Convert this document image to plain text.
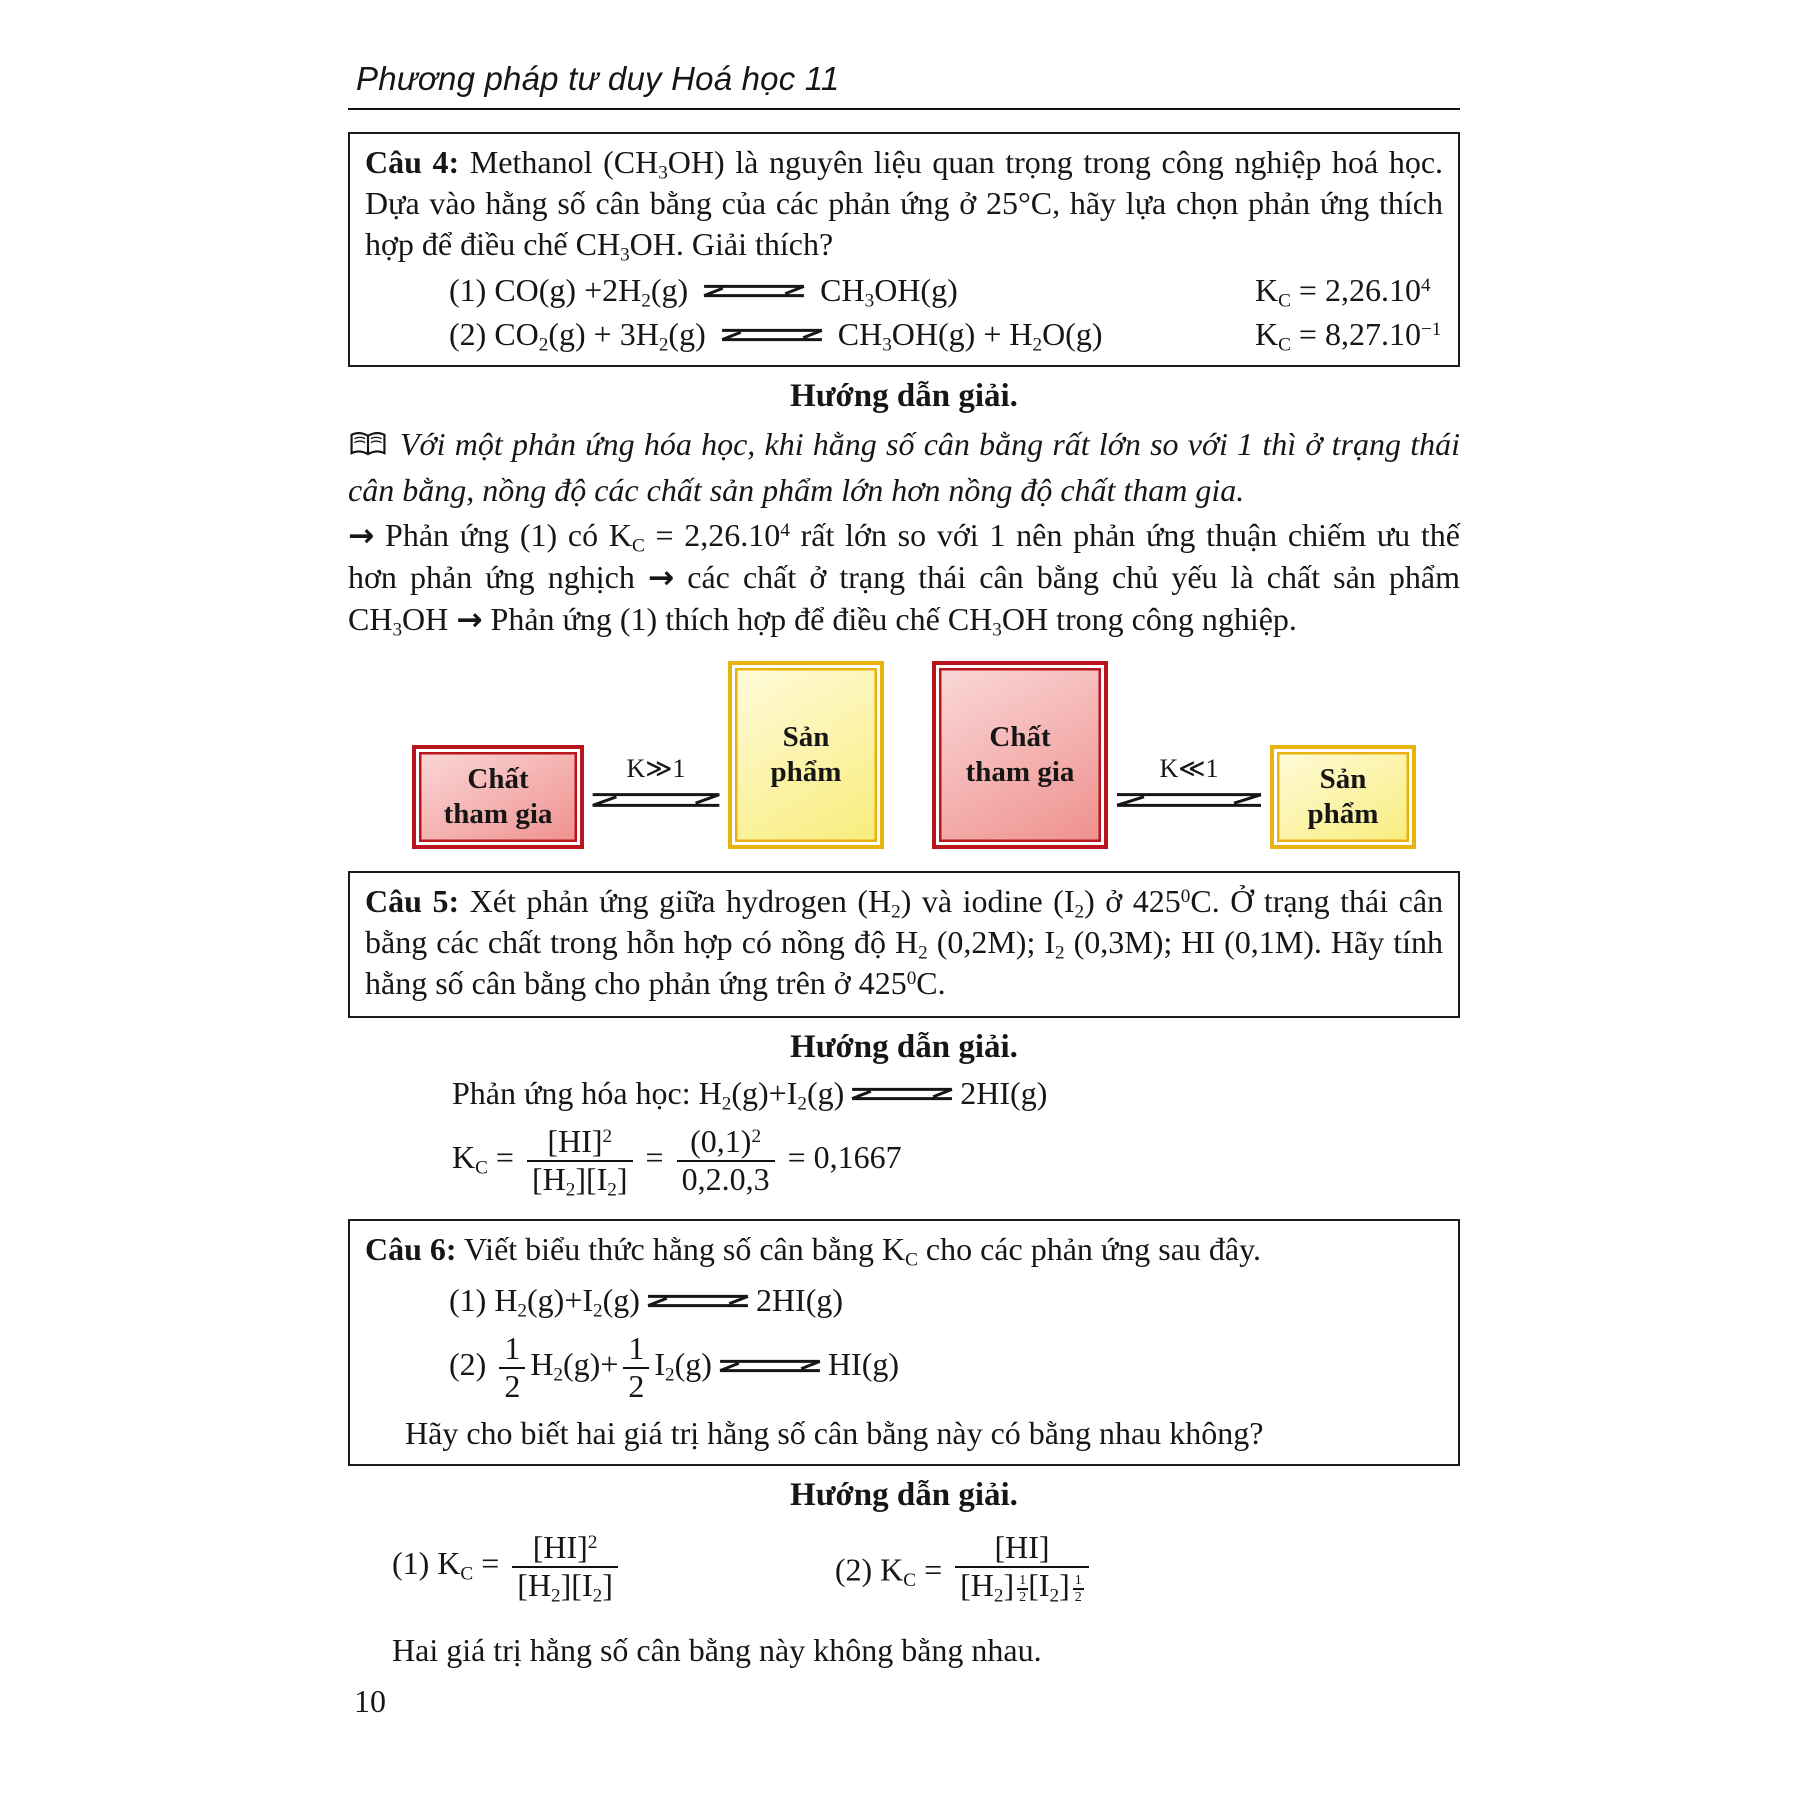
Phương pháp tư duy Hoá học 11

Câu 4: Methanol $(CH_3OH)$ là nguyên liệu quan trọng trong công nghiệp hoá học. Dựa vào hằng số cân bằng của các phản ứng ở 25°C, hãy lựa chọn phản ứng thích hợp để điều chế $CH_3OH$. Giải thích?

(1) $CO(g) +2H_2(g)$ ⇌ $CH_3OH(g)$	$K_C = 2,26.10^4$
(2) $CO_2(g) + 3H_2(g)$ ⇌ $CH_3OH(g) + H_2O(g)$	$K_C = 8,27.10^{-1}$
Hướng dẫn giải.

Với một phản ứng hóa học, khi hằng số cân bằng rất lớn so với 1 thì ở trạng thái cân bằng, nồng độ các chất sản phẩm lớn hơn nồng độ chất tham gia.

→ Phản ứng (1) có $K_C = 2,26.10^4$ rất lớn so với 1 nên phản ứng thuận chiếm ưu thế hơn phản ứng nghịch → các chất ở trạng thái cân bằng chủ yếu là chất sản phẩm $CH_3OH$ → Phản ứng (1) thích hợp để điều chế $CH_3OH$ trong công nghiệp.

Chất
tham gia
K≫1
Sản
phẩm
Chất
tham gia	K≪1	Sản
phẩm

Câu 5: Xét phản ứng giữa hydrogen $(H_2)$ và iodine $(I_2)$ ở $425^0C$. Ở trạng thái cân bằng các chất trong hỗn hợp có nồng độ $H_2$ (0,2M); $I_2$ (0,3M); HI (0,1M). Hãy tính hằng số cân bằng cho phản ứng trên ở $425^0C$.

Hướng dẫn giải.

Phản ứng hóa học: $H_2(g)+I_2(g)$ ⇌ 2HI(g)

$K_C = \frac{[HI]^2}{[H_2][I_2]} = \frac{(0,1)^2}{0,2.0,3} = 0,1667$

Câu 6: Viết biểu thức hằng số cân bằng $K_C$ cho các phản ứng sau đây.

(1) $H_2(g)+I_2(g)$ ⇌ 2HI(g)
$(2) \frac{1}{2} H_2(g)+ \frac{1}{2} I_2(g)$ ⇌ HI(g)

Hãy cho biết hai giá trị hằng số cân bằng này có bằng nhau không?

Hướng dẫn giải.
(1) $K_C = \frac{[HI]^2}{[H_2][I_2]}$	(2) $K_C = \frac{[HI]}{[H_2] \frac{1}{2} [I_2] \frac{1}{2}}$

Hai giá trị hằng số cân bằng này không bằng nhau.

10
